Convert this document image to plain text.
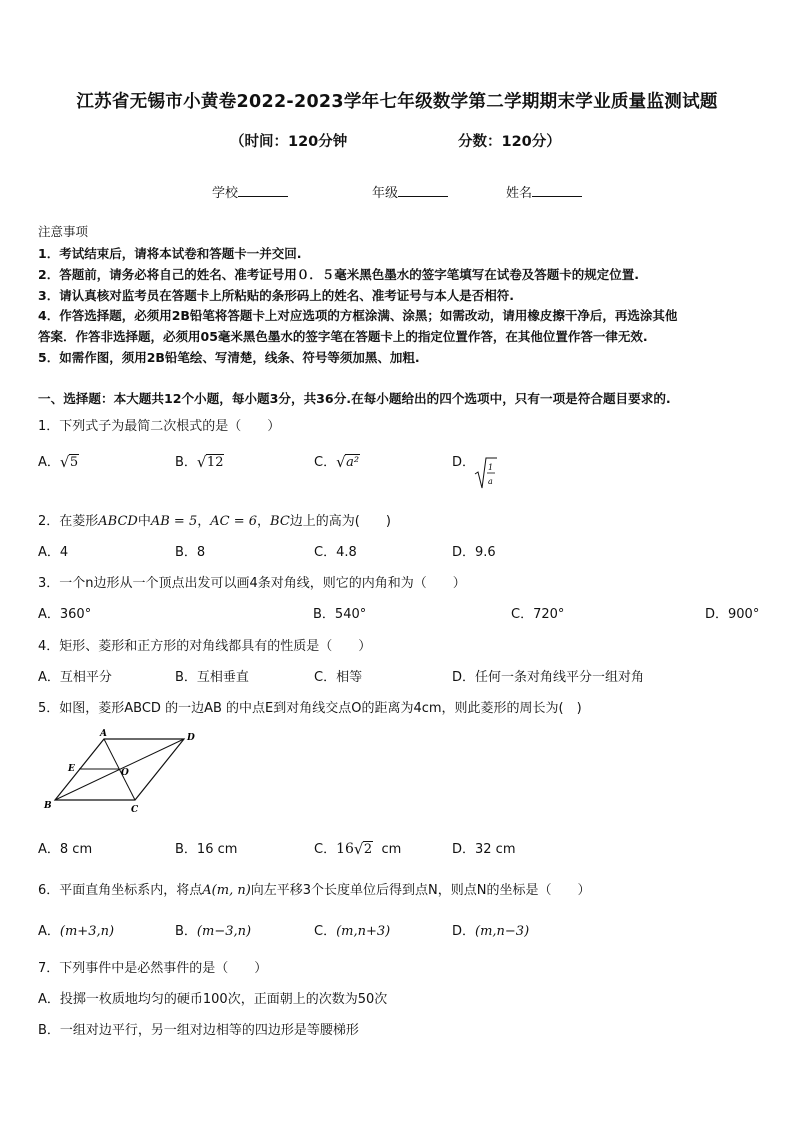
江苏省无锡市小黄卷2022-2023学年七年级数学第二学期期末学业质量监测试题
（时间：120分钟	分数：120分）
学校	年级	姓名
注意事项
1．考试结束后，请将本试卷和答题卡一并交回.
2．答题前，请务必将自己的姓名、准考证号用０．５毫米黑色墨水的签字笔填写在试卷及答题卡的规定位置.
3．请认真核对监考员在答题卡上所粘贴的条形码上的姓名、准考证号与本人是否相符.
4．作答选择题，必须用2B铅笔将答题卡上对应选项的方框涂满、涂黑；如需改动，请用橡皮擦干净后，再选涂其他
答案．作答非选择题，必须用05毫米黑色墨水的签字笔在答题卡上的指定位置作答，在其他位置作答一律无效.
5．如需作图，须用2B铅笔绘、写清楚，线条、符号等须加黑、加粗.
一、选择题：本大题共12个小题，每小题3分，共36分.在每小题给出的四个选项中，只有一项是符合题目要求的.
1．下列式子为最简二次根式的是（　　）
A． √ 5	B． √ 12	C． √ a²	D． 1
a
2．在菱形ABCD中AB = 5，AC = 6，BC边上的高为(　　)
A．4	B．8	C．4.8	D．9.6
3．一个n边形从一个顶点出发可以画4条对角线，则它的内角和为（　　）
A．360°	B．540°	C．720°	D．900°
4．矩形、菱形和正方形的对角线都具有的性质是（　　）
A．互相平分	B．互相垂直	C．相等	D．任何一条对角线平分一组对角
5．如图，菱形ABCD 的一边AB 的中点E到对角线交点O的距离为4cm，则此菱形的周长为(　)
A	D
E	O
B	C
A．8 cm	B．16 cm	C．16 √ 2 cm	D．32 cm
6．平面直角坐标系内，将点A(m, n)向左平移3个长度单位后得到点N，则点N的坐标是（　　）
A．(m+3,n)	B．(m−3,n)	C．(m,n+3)	D．(m,n−3)
7．下列事件中是必然事件的是（　　）
A．投掷一枚质地均匀的硬币100次，正面朝上的次数为50次
B．一组对边平行，另一组对边相等的四边形是等腰梯形
